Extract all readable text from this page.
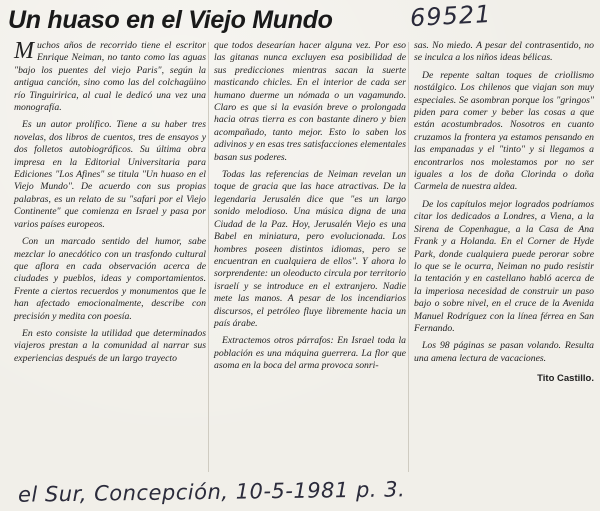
Un huaso en el Viejo Mundo	69521

Muchos años de recorrido tiene el escritor Enrique Neiman, no tanto como las aguas "bajo los puentes del viejo Paris", según la antigua canción, sino como las del colchagüino río Tinguiririca, al cual le dedicó una vez una monografía.

Es un autor prolífico. Tiene a su haber tres novelas, dos libros de cuentos, tres de ensayos y dos folletos autobiográficos. Su última obra impresa en la Editorial Universitaria para Ediciones "Los Afines" se titula "Un huaso en el Viejo Mundo". De acuerdo con sus propias palabras, es un relato de su "safari por el Viejo Continente" que comienza en Israel y pasa por varios países europeos.

Con un marcado sentido del humor, sabe mezclar lo anecdótico con un trasfondo cultural que aflora en cada observación acerca de ciudades y pueblos, ideas y comportamientos. Frente a ciertos recuerdos y monumentos que le han afectado emocionalmente, describe con precisión y medita con poesía.

En esto consiste la utilidad que determinados viajeros prestan a la comunidad al narrar sus experiencias después de un largo trayecto

que todos desearían hacer alguna vez. Por eso las gitanas nunca excluyen esa posibilidad de sus predicciones mientras sacan la suerte masticando chicles. En el interior de cada ser humano duerme un nómada o un vagamundo. Claro es que si la evasión breve o prolongada hacia otras tierra es con bastante dinero y bien acompañado, tanto mejor. Esto lo saben los adivinos y en esas tres satisfacciones elementales basan sus poderes.

Todas las referencias de Neiman revelan un toque de gracia que las hace atractivas. De la legendaria Jerusalén dice que "es un largo sonido melodioso. Una música digna de una Ciudad de la Paz. Hoy, Jerusalén Viejo es una Babel en miniatura, pero evolucionada. Los hombres poseen distintos idiomas, pero se encuentran en cualquiera de ellos". Y ahora lo sorprendente: un oleoducto circula por territorio israelí y se introduce en el extranjero. Nadie mete las manos. A pesar de los incendiarios discursos, el petróleo fluye libremente hacia un país árabe.

Extractemos otros párrafos: En Israel toda la población es una máquina guerrera. La flor que asoma en la boca del arma provoca sonri-

sas. No miedo. A pesar del contrasentido, no se inculca a los niños ideas bélicas.

De repente saltan toques de criollismo nostálgico. Los chilenos que viajan son muy especiales. Se asombran porque los "gringos" piden para comer y beber las cosas a que están acostumbrados. Nosotros en cuanto cruzamos la frontera ya estamos pensando en las empanadas y el "tinto" y si llegamos a encontrarlos nos molestamos por no ser iguales a los de doña Clorinda o doña Carmela de nuestra aldea.

De los capítulos mejor logrados podríamos citar los dedicados a Londres, a Viena, a la Sirena de Copenhague, a la Casa de Ana Frank y a Holanda. En el Corner de Hyde Park, donde cualquiera puede perorar sobre lo que se le ocurra, Neiman no pudo resistir la tentación y en castellano habló acerca de la imperiosa necesidad de construir un paso bajo o sobre nivel, en el cruce de la Avenida Manuel Rodríguez con la línea férrea en San Fernando.

Los 98 páginas se pasan volando. Resulta una amena lectura de vacaciones.

Tito Castillo.
el Sur, Concepción, 10-5-1981 p. 3.
